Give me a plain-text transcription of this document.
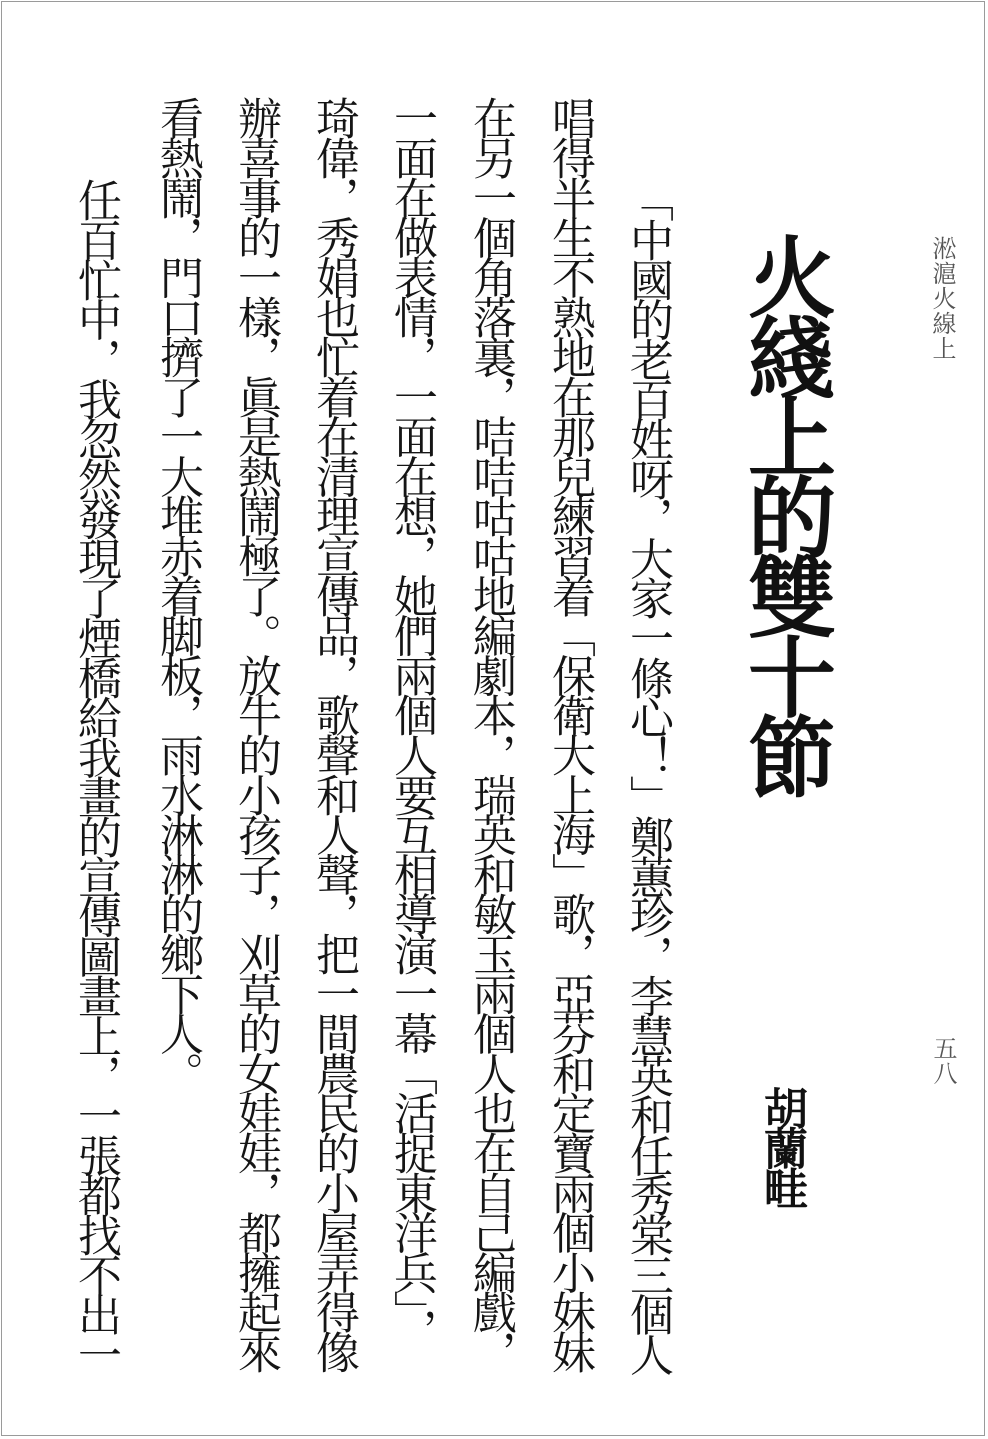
淞滬火線上
五八
火綫上的雙十節
胡蘭畦
「中國的老百姓呀，大家一條心！」鄭蕙珍，李慧英和任秀棠三個人
唱得半生不熟地在那兒練習着「保衛大上海」歌，亞芬和定寶兩個小妹妹
在另一個角落裏，咭咭咕咕地編劇本，瑞英和敏玉兩個人也在自己編戲，
一面在做表情，一面在想，她們兩個人要互相導演一幕「活捉東洋兵」，
琦偉，秀娟也忙着在清理宣傳品，歌聲和人聲，把一間農民的小屋弄得像
辦喜事的一樣，眞是熱鬧極了。放牛的小孩子，刈草的女娃娃，都擁起來
看熱鬧，門口擠了一大堆赤着脚板，雨水淋淋的鄉下人。
任百忙中，我忽然發現了煙橋給我畫的宣傳圖畫上，一張都找不出一
